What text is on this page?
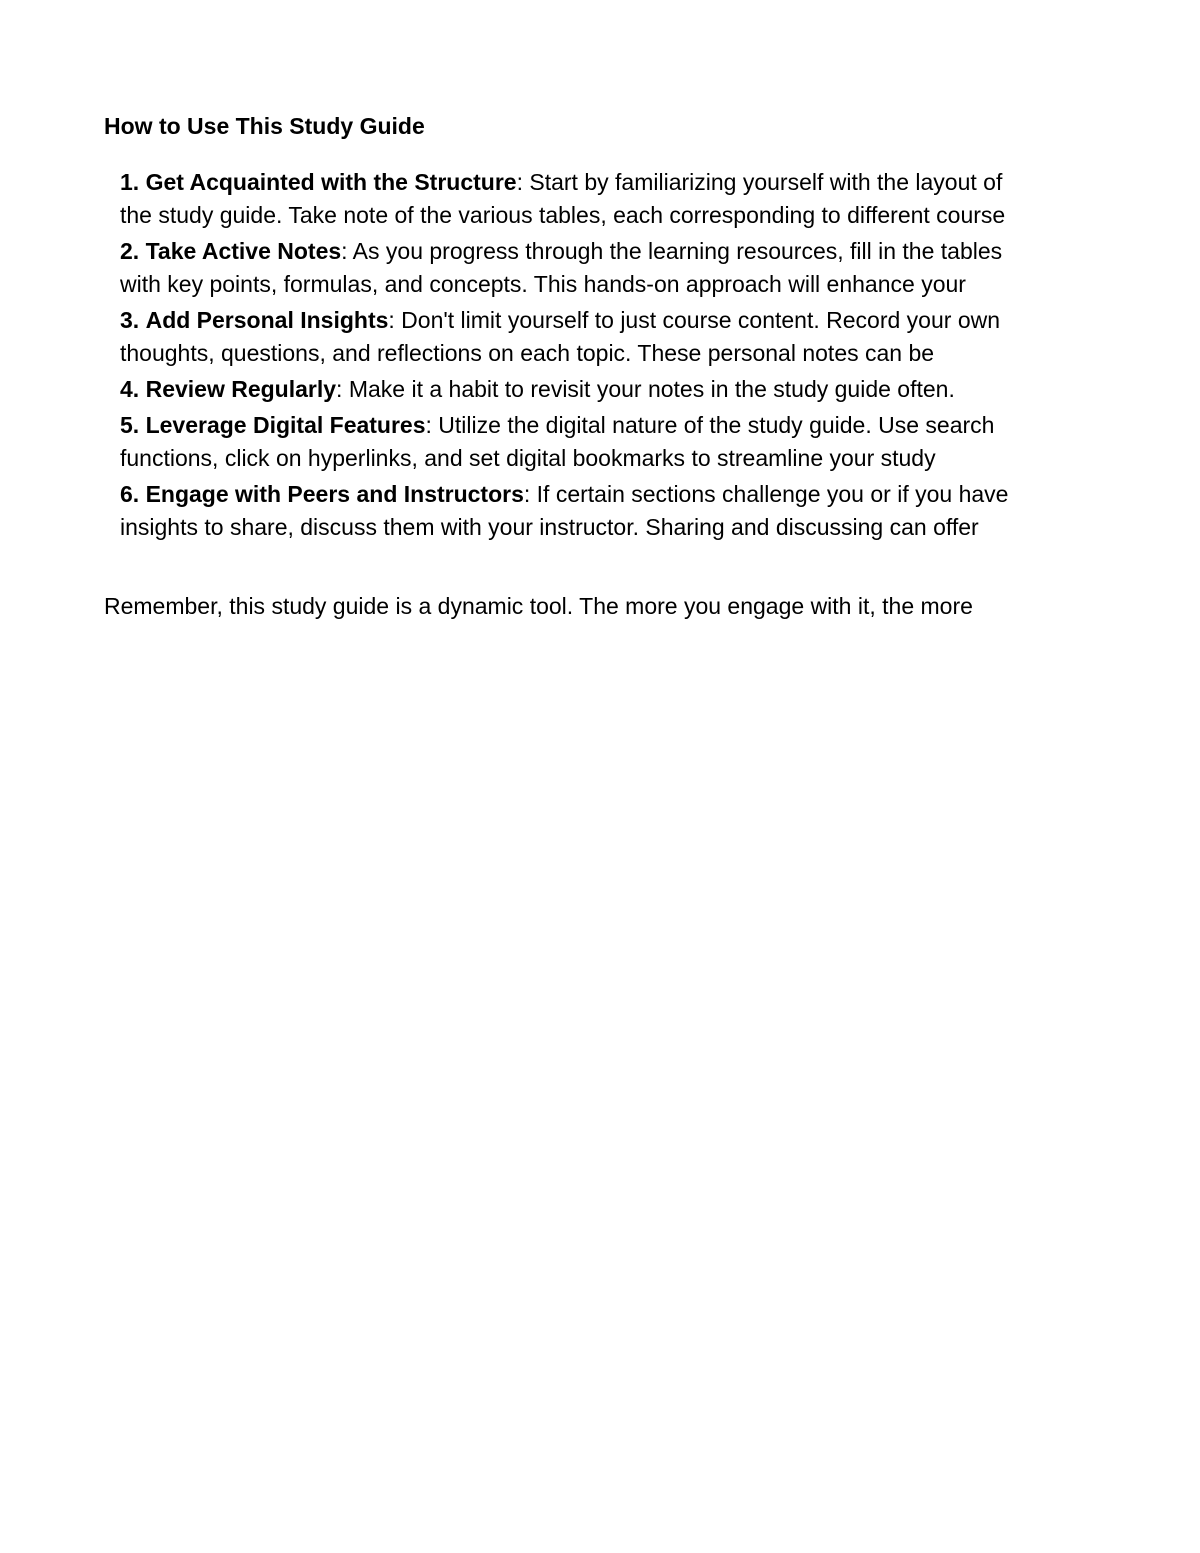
How to Use This Study Guide
1. Get Acquainted with the Structure: Start by familiarizing yourself with the layout of
the study guide. Take note of the various tables, each corresponding to different course
2. Take Active Notes: As you progress through the learning resources, fill in the tables
with key points, formulas, and concepts. This hands-on approach will enhance your
3. Add Personal Insights: Don't limit yourself to just course content. Record your own
thoughts, questions, and reflections on each topic. These personal notes can be
4. Review Regularly: Make it a habit to revisit your notes in the study guide often.
5. Leverage Digital Features: Utilize the digital nature of the study guide. Use search
functions, click on hyperlinks, and set digital bookmarks to streamline your study
6. Engage with Peers and Instructors: If certain sections challenge you or if you have
insights to share, discuss them with your instructor. Sharing and discussing can offer
Remember, this study guide is a dynamic tool. The more you engage with it, the more
